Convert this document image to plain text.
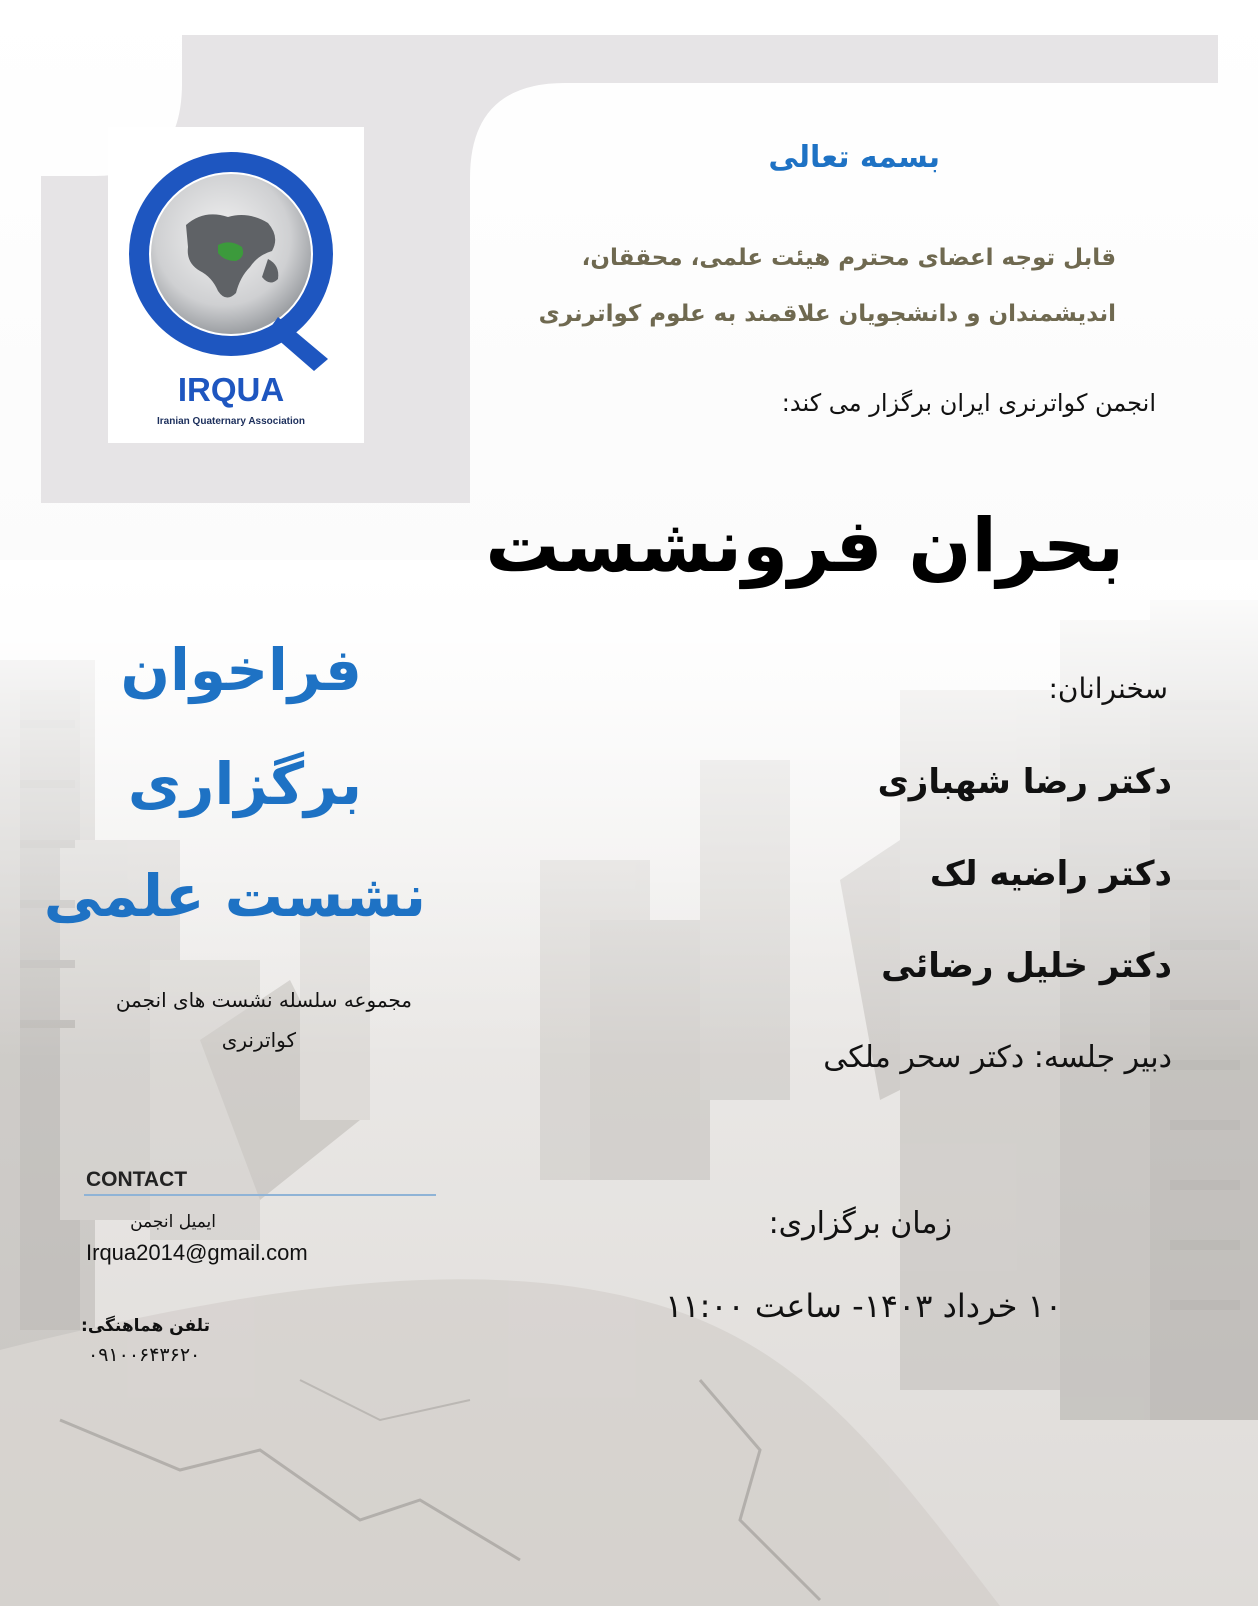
IRQUA
Iranian Quaternary Association
بسمه تعالی
قابل توجه اعضای محترم هیئت علمی، محققان،
اندیشمندان و دانشجویان علاقمند به علوم کواترنری
انجمن کواترنری ایران برگزار می کند:
بحران فرونشست
سخنرانان:
دکتر رضا شهبازی
دکتر راضیه لک
دکتر خلیل رضائی
دبیر جلسه: دکتر سحر ملکی
زمان برگزاری:
۱۰ خرداد ۱۴۰۳- ساعت ۱۱:۰۰
فراخوان
برگزاری
نشست علمی
مجموعه سلسله نشست های انجمن
کواترنری
CONTACT
ایمیل انجمن
Irqua2014@gmail.com
تلفن هماهنگی:
۰۹۱۰۰۶۴۳۶۲۰
